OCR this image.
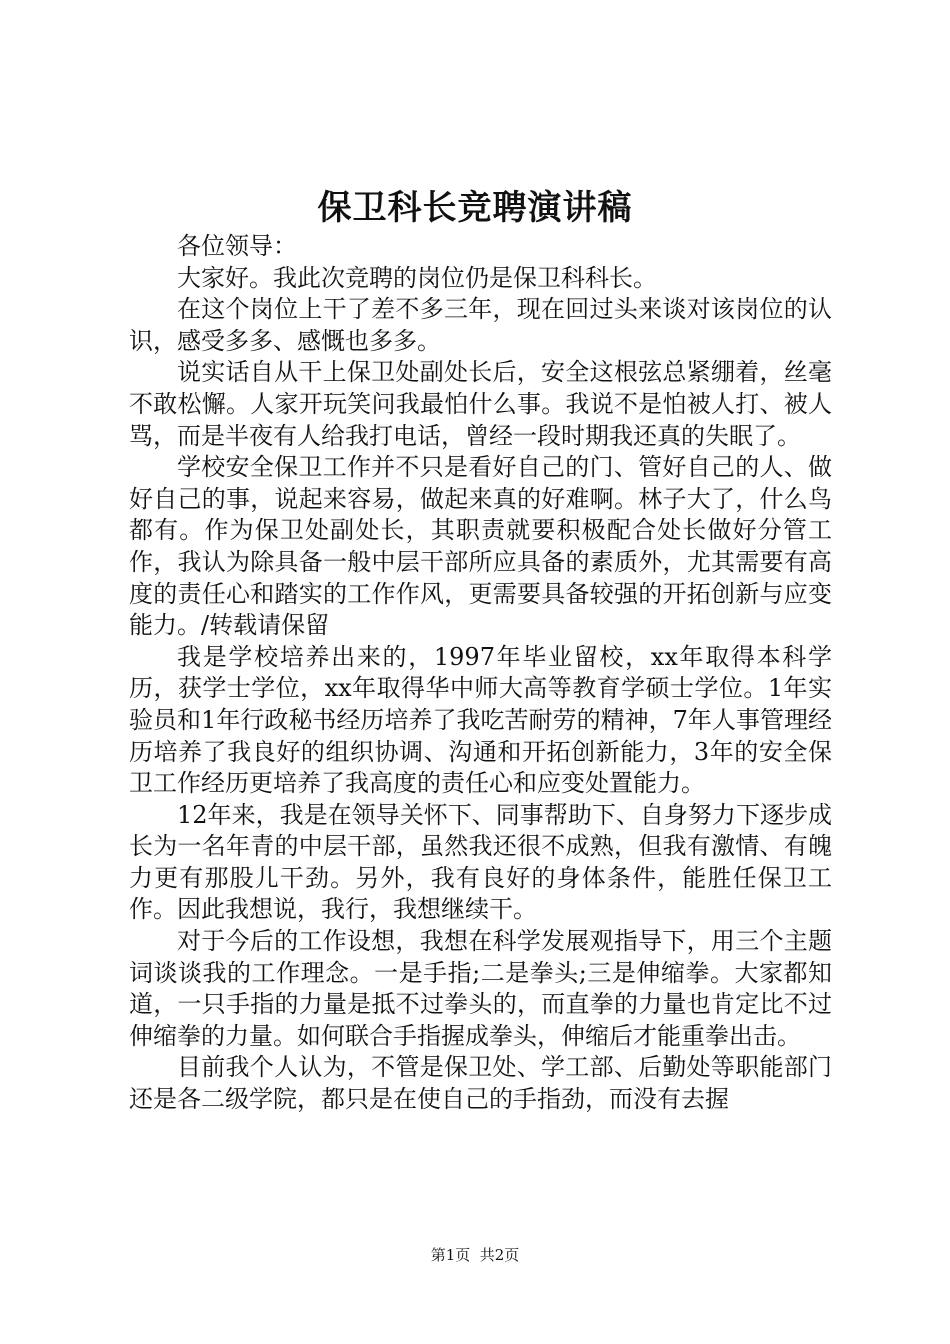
保卫科长竞聘演讲稿

各位领导：

大家好。我此次竞聘的岗位仍是保卫科科长。

在这个岗位上干了差不多三年，现在回过头来谈对该岗位的认识，感受多多、感慨也多多。

说实话自从干上保卫处副处长后，安全这根弦总紧绷着，丝毫不敢松懈。人家开玩笑问我最怕什么事。我说不是怕被人打、被人骂，而是半夜有人给我打电话，曾经一段时期我还真的失眠了。

学校安全保卫工作并不只是看好自己的门、管好自己的人、做好自己的事，说起来容易，做起来真的好难啊。林子大了，什么鸟都有。作为保卫处副处长，其职责就要积极配合处长做好分管工作，我认为除具备一般中层干部所应具备的素质外，尤其需要有高度的责任心和踏实的工作作风，更需要具备较强的开拓创新与应变能力。/转载请保留

我是学校培养出来的，1997年毕业留校，xx年取得本科学历，获学士学位，xx年取得华中师大高等教育学硕士学位。1年实验员和1年行政秘书经历培养了我吃苦耐劳的精神，7年人事管理经历培养了我良好的组织协调、沟通和开拓创新能力，3年的安全保卫工作经历更培养了我高度的责任心和应变处置能力。

12年来，我是在领导关怀下、同事帮助下、自身努力下逐步成长为一名年青的中层干部，虽然我还很不成熟，但我有激情、有魄力更有那股儿干劲。另外，我有良好的身体条件，能胜任保卫工作。因此我想说，我行，我想继续干。

对于今后的工作设想，我想在科学发展观指导下，用三个主题词谈谈我的工作理念。一是手指;二是拳头;三是伸缩拳。大家都知道，一只手指的力量是抵不过拳头的，而直拳的力量也肯定比不过伸缩拳的力量。如何联合手指握成拳头，伸缩后才能重拳出击。

目前我个人认为，不管是保卫处、学工部、后勤处等职能部门还是各二级学院，都只是在使自己的手指劲，而没有去握

第1页  共2页
